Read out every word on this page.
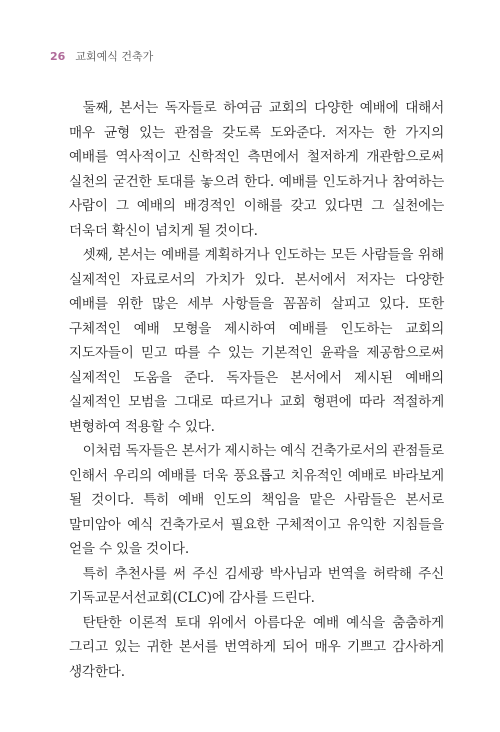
26 교회예식 건축가

둘째, 본서는 독자들로 하여금 교회의 다양한 예배에 대해서 매우 균형 있는 관점을 갖도록 도와준다. 저자는 한 가지의 예배를 역사적이고 신학적인 측면에서 철저하게 개관함으로써 실천의 굳건한 토대를 놓으려 한다. 예배를 인도하거나 참여하는 사람이 그 예배의 배경적인 이해를 갖고 있다면 그 실천에는 더욱더 확신이 넘치게 될 것이다.

셋째, 본서는 예배를 계획하거나 인도하는 모든 사람들을 위해 실제적인 자료로서의 가치가 있다. 본서에서 저자는 다양한 예배를 위한 많은 세부 사항들을 꼼꼼히 살피고 있다. 또한 구체적인 예배 모형을 제시하여 예배를 인도하는 교회의 지도자들이 믿고 따를 수 있는 기본적인 윤곽을 제공함으로써 실제적인 도움을 준다. 독자들은 본서에서 제시된 예배의 실제적인 모범을 그대로 따르거나 교회 형편에 따라 적절하게 변형하여 적용할 수 있다.

이처럼 독자들은 본서가 제시하는 예식 건축가로서의 관점들로 인해서 우리의 예배를 더욱 풍요롭고 치유적인 예배로 바라보게 될 것이다. 특히 예배 인도의 책임을 맡은 사람들은 본서로 말미암아 예식 건축가로서 필요한 구체적이고 유익한 지침들을 얻을 수 있을 것이다.

특히 추천사를 써 주신 김세광 박사님과 번역을 허락해 주신 기독교문서선교회(CLC)에 감사를 드린다.

탄탄한 이론적 토대 위에서 아름다운 예배 예식을 춤춤하게 그리고 있는 귀한 본서를 번역하게 되어 매우 기쁘고 감사하게 생각한다.
